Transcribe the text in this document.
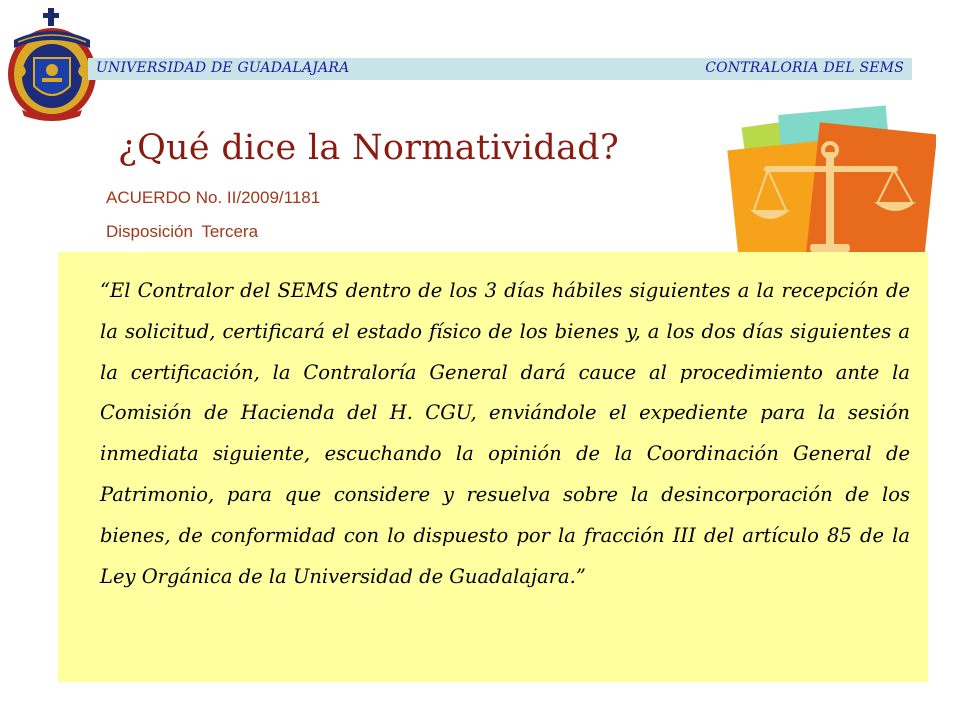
UNIVERSIDAD DE GUADALAJARA	CONTRALORIA DEL SEMS
¿Qué dice la Normatividad?
ACUERDO No. II/2009/1181
Disposición Tercera

“El Contralor del SEMS dentro de los 3 días hábiles siguientes a la recepción de la solicitud, certificará el estado físico de los bienes y, a los dos días siguientes a la certificación, la Contraloría General dará cauce al procedimiento ante la Comisión de Hacienda del H. CGU, enviándole el expediente para la sesión inmediata siguiente, escuchando la opinión de la Coordinación General de Patrimonio, para que considere y resuelva sobre la desincorporación de los bienes, de conformidad con lo dispuesto por la fracción III del artículo 85 de la Ley Orgánica de la Universidad de Guadalajara.”
